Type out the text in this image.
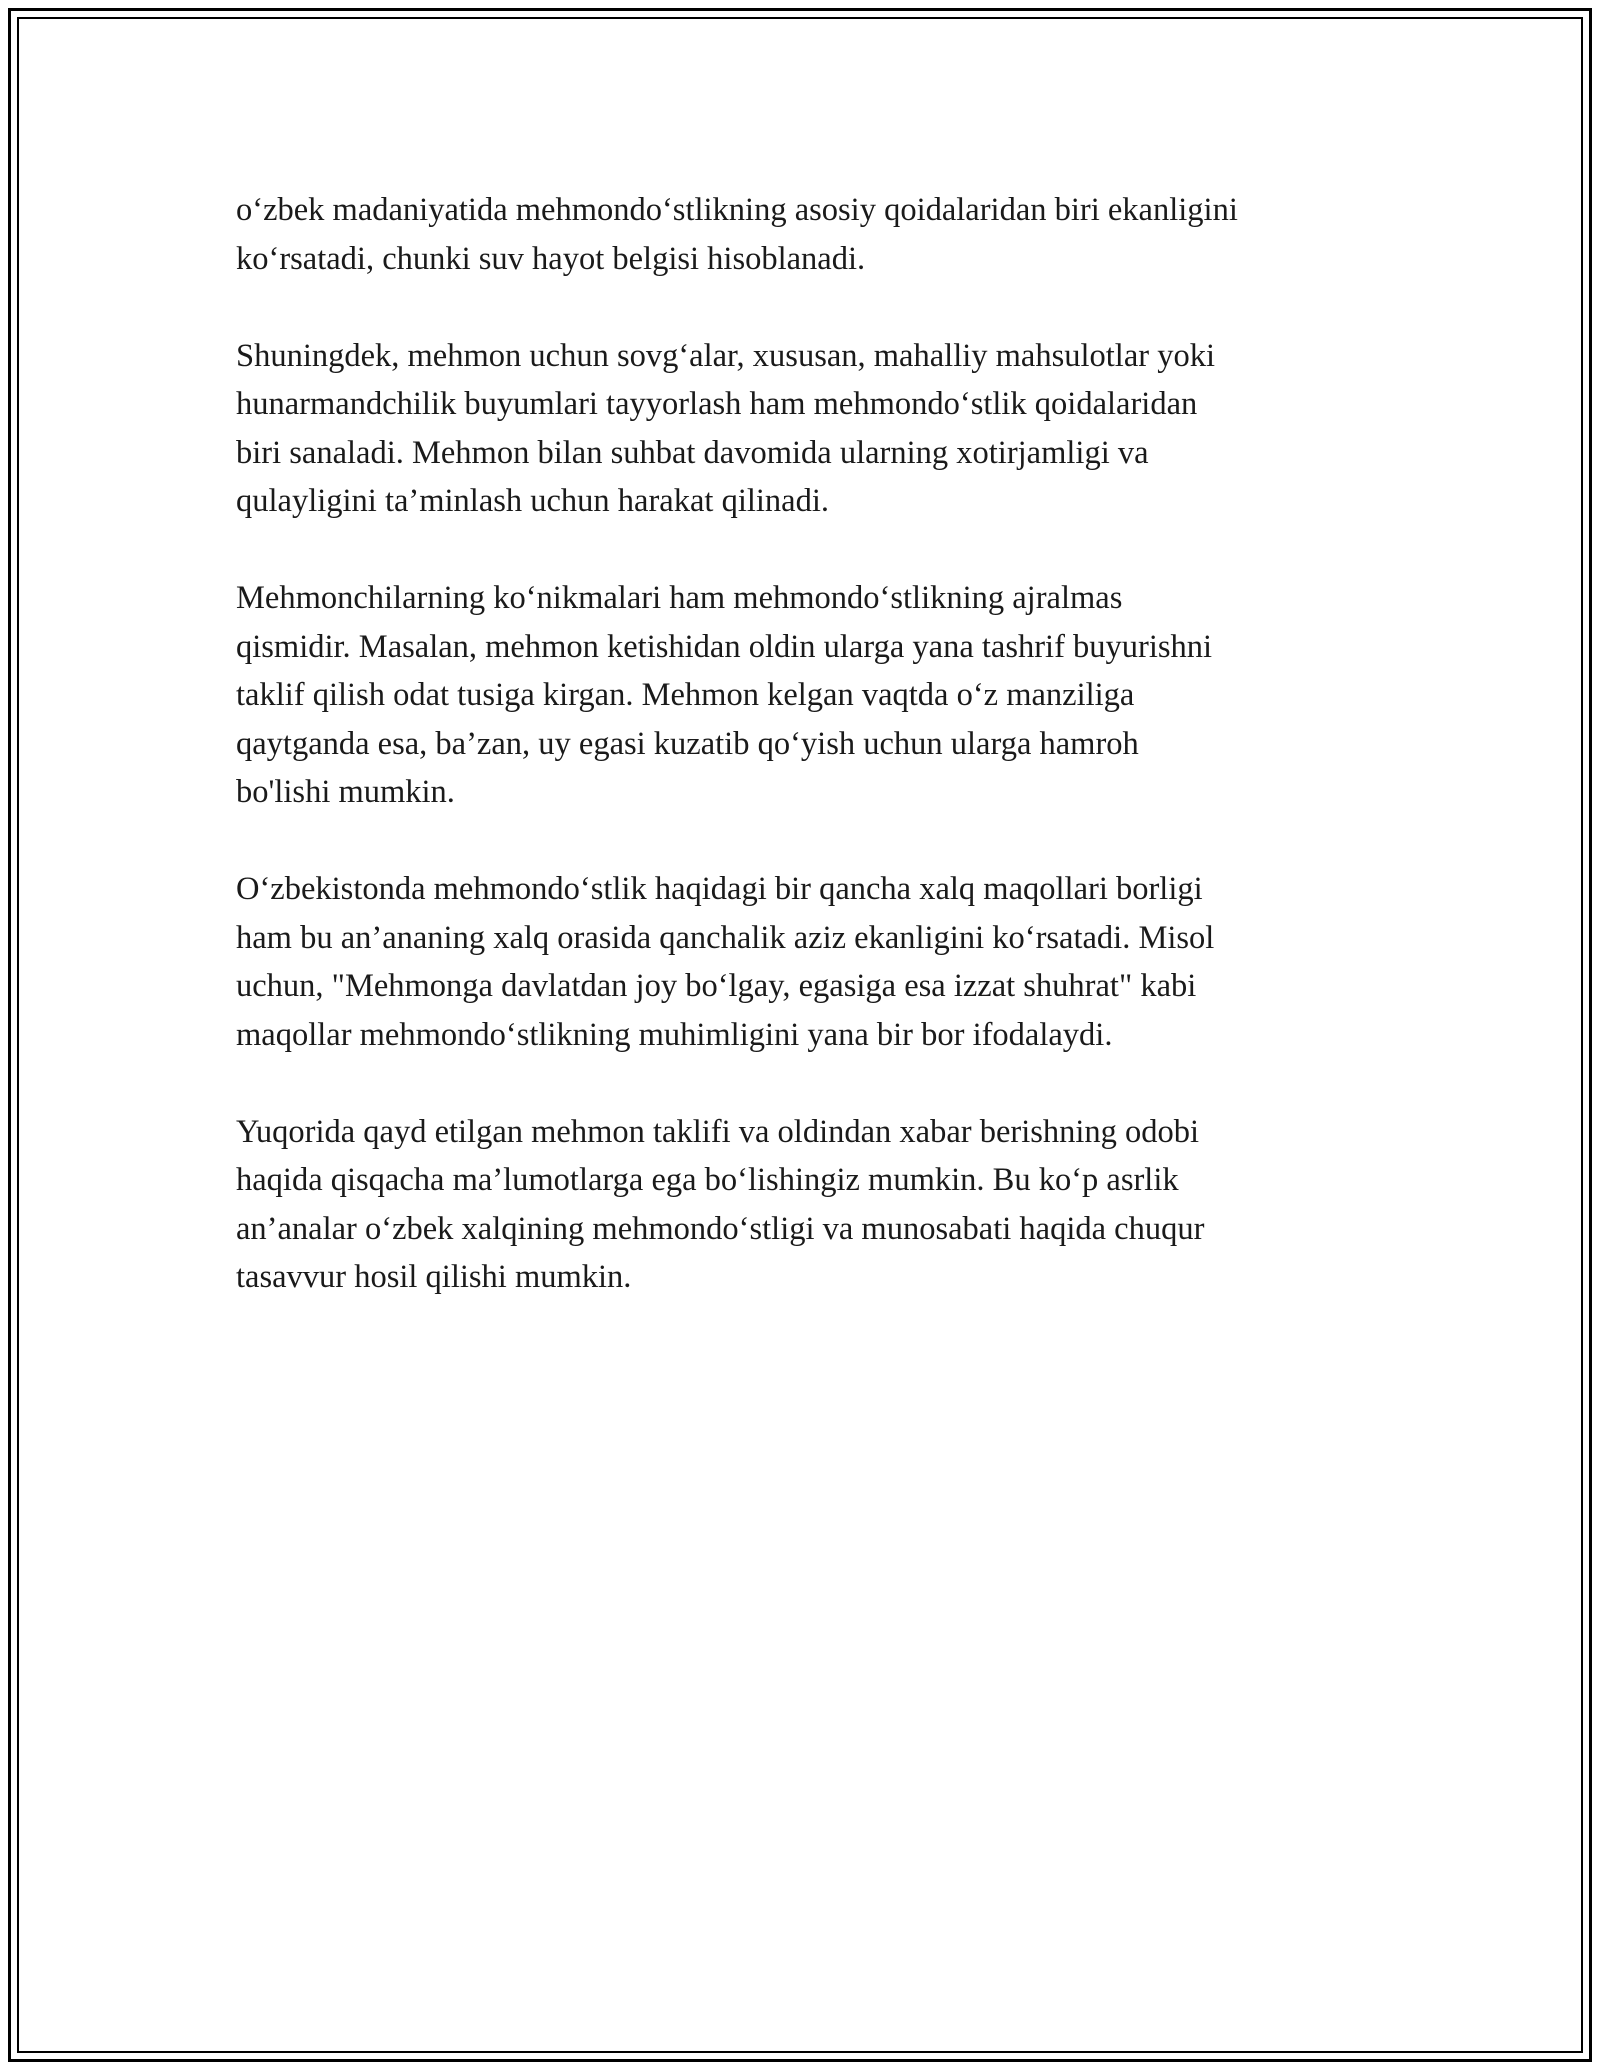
o‘zbek madaniyatida mehmondo‘stlikning asosiy qoidalaridan biri ekanligini
ko‘rsatadi, chunki suv hayot belgisi hisoblanadi.

Shuningdek, mehmon uchun sovg‘alar, xususan, mahalliy mahsulotlar yoki
hunarmandchilik buyumlari tayyorlash ham mehmondo‘stlik qoidalaridan
biri sanaladi. Mehmon bilan suhbat davomida ularning xotirjamligi va
qulayligini ta’minlash uchun harakat qilinadi.

Mehmonchilarning ko‘nikmalari ham mehmondo‘stlikning ajralmas
qismidir. Masalan, mehmon ketishidan oldin ularga yana tashrif buyurishni
taklif qilish odat tusiga kirgan. Mehmon kelgan vaqtda o‘z manziliga
qaytganda esa, ba’zan, uy egasi kuzatib qo‘yish uchun ularga hamroh
bo'lishi mumkin.

O‘zbekistonda mehmondo‘stlik haqidagi bir qancha xalq maqollari borligi
ham bu an’ananing xalq orasida qanchalik aziz ekanligini ko‘rsatadi. Misol
uchun, "Mehmonga davlatdan joy bo‘lgay, egasiga esa izzat shuhrat" kabi
maqollar mehmondo‘stlikning muhimligini yana bir bor ifodalaydi.

Yuqorida qayd etilgan mehmon taklifi va oldindan xabar berishning odobi
haqida qisqacha ma’lumotlarga ega bo‘lishingiz mumkin. Bu ko‘p asrlik
an’analar o‘zbek xalqining mehmondo‘stligi va munosabati haqida chuqur
tasavvur hosil qilishi mumkin.
